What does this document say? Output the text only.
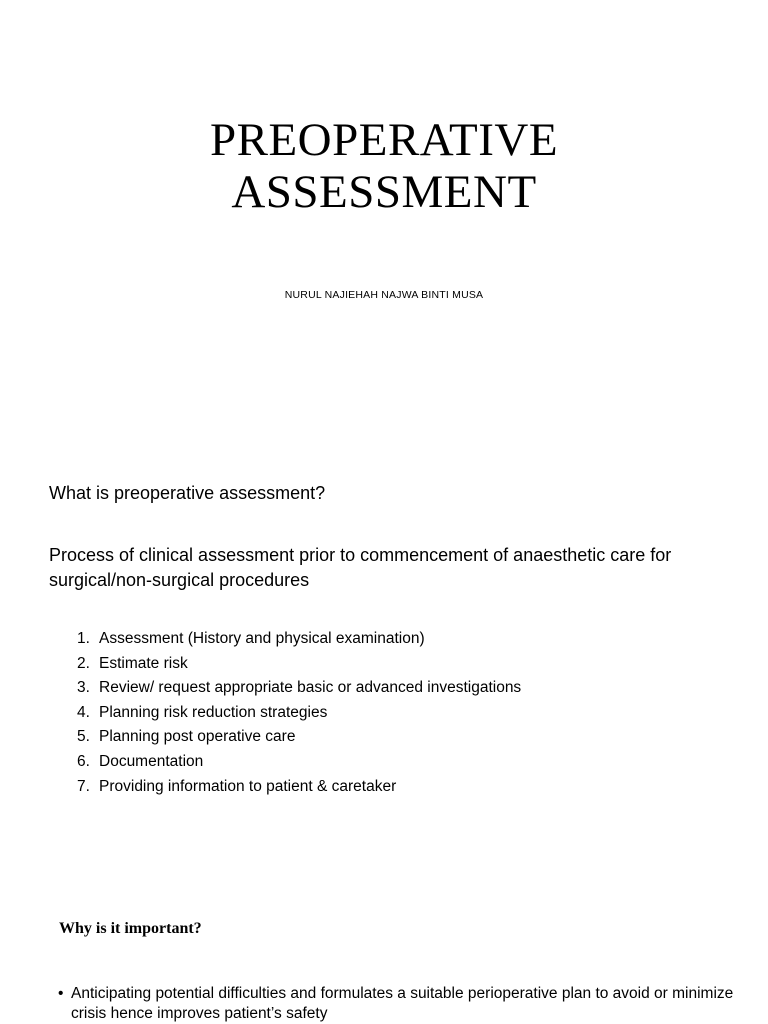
PREOPERATIVE
ASSESSMENT
NURUL NAJIEHAH NAJWA BINTI MUSA
What is preoperative assessment?
Process of clinical assessment prior to commencement of anaesthetic care for surgical/non-surgical procedures
1. Assessment (History and physical examination)
2. Estimate risk
3. Review/ request appropriate basic or advanced investigations
4. Planning risk reduction strategies
5. Planning post operative care
6. Documentation
7. Providing information to patient & caretaker
Why is it important?
• Anticipating potential difficulties and formulates a suitable perioperative plan to avoid or minimize crisis hence improves patient’s safety
